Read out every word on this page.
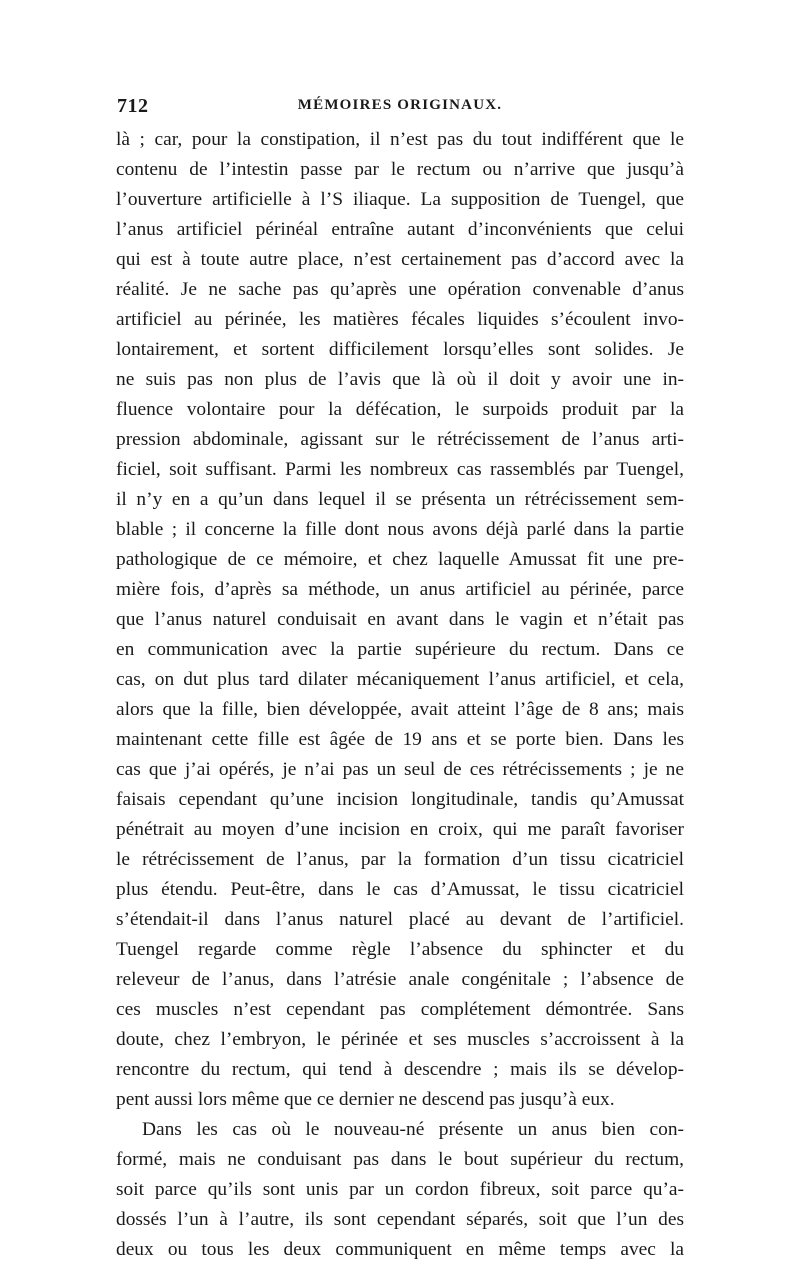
712	MÉMOIRES ORIGINAUX.
là ; car, pour la constipation, il n’est pas du tout indifférent que le
contenu de l’intestin passe par le rectum ou n’arrive que jusqu’à
l’ouverture artificielle à l’S iliaque. La supposition de Tuengel, que
l’anus artificiel périnéal entraîne autant d’inconvénients que celui
qui est à toute autre place, n’est certainement pas d’accord avec la
réalité. Je ne sache pas qu’après une opération convenable d’anus
artificiel au périnée, les matières fécales liquides s’écoulent invo-
lontairement, et sortent difficilement lorsqu’elles sont solides. Je
ne suis pas non plus de l’avis que là où il doit y avoir une in-
fluence volontaire pour la défécation, le surpoids produit par la
pression abdominale, agissant sur le rétrécissement de l’anus arti-
ficiel, soit suffisant. Parmi les nombreux cas rassemblés par Tuengel,
il n’y en a qu’un dans lequel il se présenta un rétrécissement sem-
blable ; il concerne la fille dont nous avons déjà parlé dans la partie
pathologique de ce mémoire, et chez laquelle Amussat fit une pre-
mière fois, d’après sa méthode, un anus artificiel au périnée, parce
que l’anus naturel conduisait en avant dans le vagin et n’était pas
en communication avec la partie supérieure du rectum. Dans ce
cas, on dut plus tard dilater mécaniquement l’anus artificiel, et cela,
alors que la fille, bien développée, avait atteint l’âge de 8 ans; mais
maintenant cette fille est âgée de 19 ans et se porte bien. Dans les
cas que j’ai opérés, je n’ai pas un seul de ces rétrécissements ; je ne
faisais cependant qu’une incision longitudinale, tandis qu’Amussat
pénétrait au moyen d’une incision en croix, qui me paraît favoriser
le rétrécissement de l’anus, par la formation d’un tissu cicatriciel
plus étendu. Peut-être, dans le cas d’Amussat, le tissu cicatriciel
s’étendait-il dans l’anus naturel placé au devant de l’artificiel.
Tuengel regarde comme règle l’absence du sphincter et du
releveur de l’anus, dans l’atrésie anale congénitale ; l’absence de
ces muscles n’est cependant pas complétement démontrée. Sans
doute, chez l’embryon, le périnée et ses muscles s’accroissent à la
rencontre du rectum, qui tend à descendre ; mais ils se dévelop-
pent aussi lors même que ce dernier ne descend pas jusqu’à eux.
Dans les cas où le nouveau-né présente un anus bien con-
formé, mais ne conduisant pas dans le bout supérieur du rectum,
soit parce qu’ils sont unis par un cordon fibreux, soit parce qu’a-
dossés l’un à l’autre, ils sont cependant séparés, soit que l’un des
deux ou tous les deux communiquent en même temps avec la
